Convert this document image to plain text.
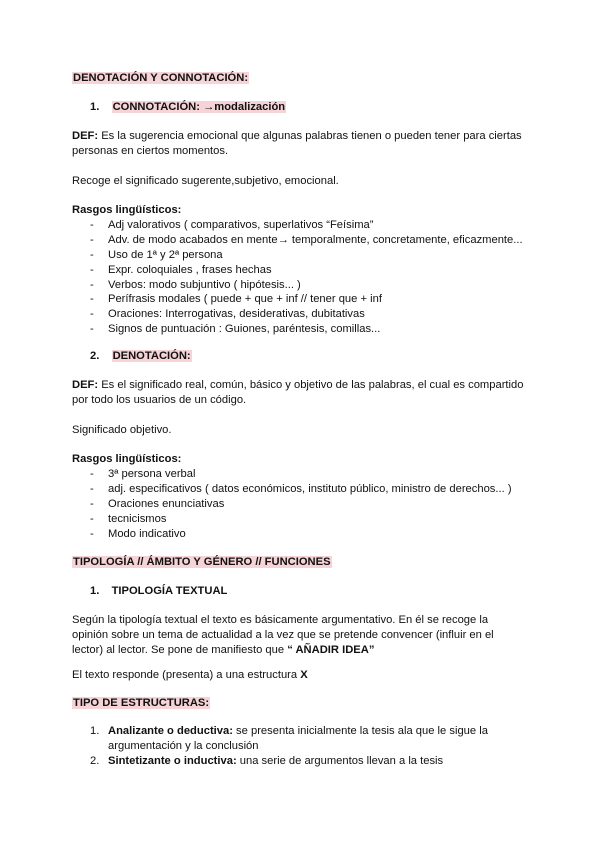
DENOTACIÓN Y CONNOTACIÓN:
1. CONNOTACIÓN: →modalización
DEF: Es la sugerencia emocional que algunas palabras tienen o pueden tener para ciertas
personas en ciertos momentos.
Recoge el significado sugerente,subjetivo, emocional.
Rasgos lingüísticos:
- Adj valorativos ( comparativos, superlativos “Feísima”
- Adv. de modo acabados en mente→ temporalmente, concretamente, eficazmente...
- Uso de 1ª y 2ª persona
- Expr. coloquiales , frases hechas
- Verbos: modo subjuntivo ( hipótesis... )
- Perífrasis modales ( puede + que + inf // tener que + inf
- Oraciones: Interrogativas, desiderativas, dubitativas
- Signos de puntuación : Guiones, paréntesis, comillas...
2. DENOTACIÓN:
DEF: Es el significado real, común, básico y objetivo de las palabras, el cual es compartido
por todo los usuarios de un código.
Significado objetivo.
Rasgos lingüísticos:
- 3ª persona verbal
- adj. especificativos ( datos económicos, instituto público, ministro de derechos... )
- Oraciones enunciativas
- tecnicismos
- Modo indicativo
TIPOLOGÍA // ÁMBITO Y GÉNERO // FUNCIONES
1. TIPOLOGÍA TEXTUAL
Según la tipología textual el texto es básicamente argumentativo. En él se recoge la
opinión sobre un tema de actualidad a la vez que se pretende convencer (influir en el
lector) al lector. Se pone de manifiesto que “ AÑADIR IDEA”
El texto responde (presenta) a una estructura X
TIPO DE ESTRUCTURAS:
1. Analizante o deductiva: se presenta inicialmente la tesis ala que le sigue la argumentación y la conclusión
2. Sintetizante o inductiva: una serie de argumentos llevan a la tesis
